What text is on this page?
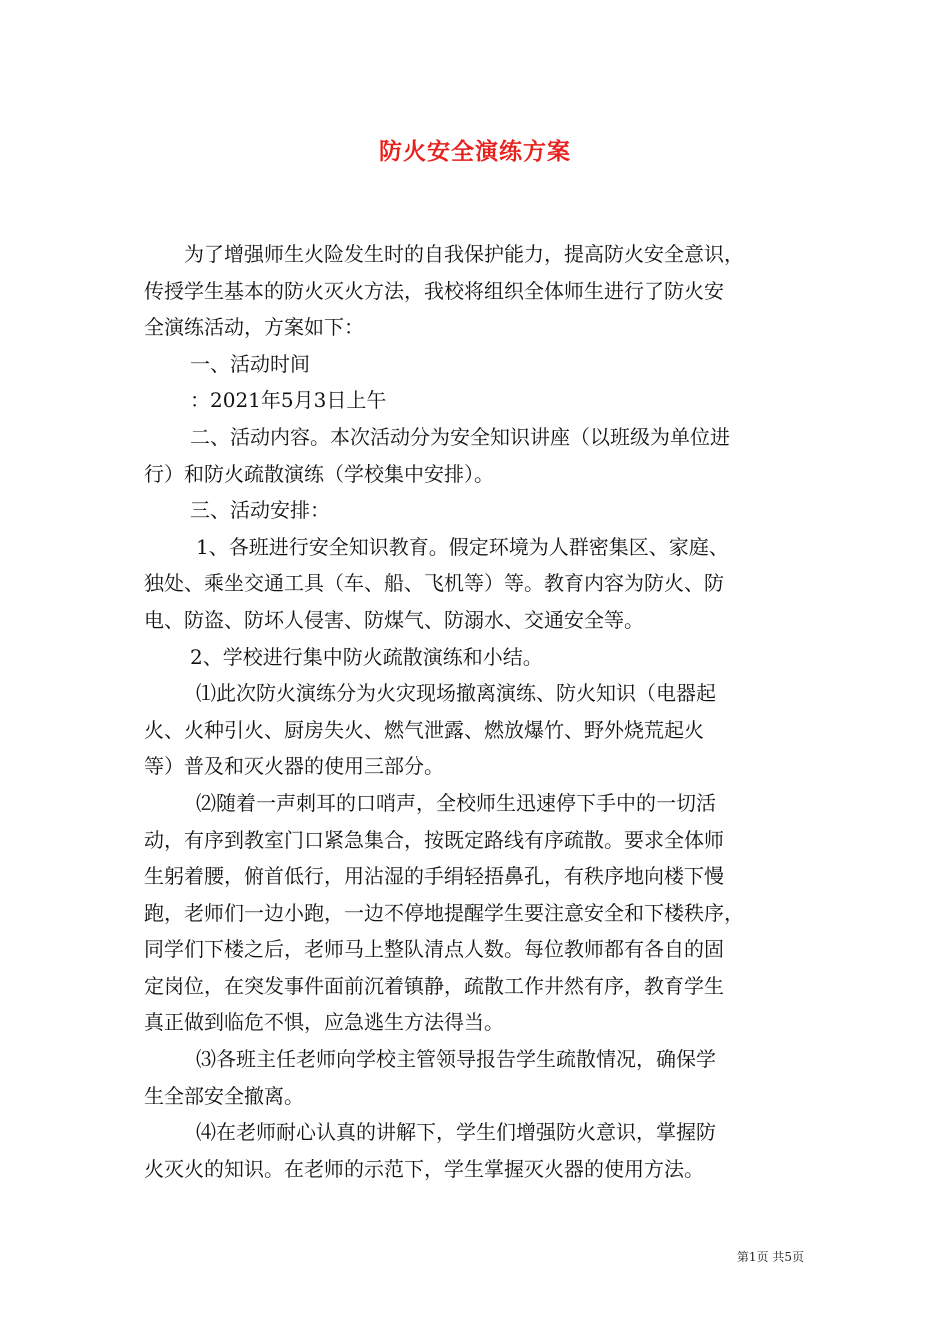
防火安全演练方案

为了增强师生火险发生时的自我保护能力，提高防火安全意识，

传授学生基本的防火灭火方法，我校将组织全体师生进行了防火安

全演练活动，方案如下：

一、活动时间

：2021年5月3日上午

二、活动内容。本次活动分为安全知识讲座（以班级为单位进

行）和防火疏散演练（学校集中安排）。

三、活动安排：

1、各班进行安全知识教育。假定环境为人群密集区、家庭、

独处、乘坐交通工具（车、船、飞机等）等。教育内容为防火、防

电、防盗、防坏人侵害、防煤气、防溺水、交通安全等。

2、学校进行集中防火疏散演练和小结。

⑴此次防火演练分为火灾现场撤离演练、防火知识（电器起

火、火种引火、厨房失火、燃气泄露、燃放爆竹、野外烧荒起火

等）普及和灭火器的使用三部分。

⑵随着一声刺耳的口哨声，全校师生迅速停下手中的一切活

动，有序到教室门口紧急集合，按既定路线有序疏散。要求全体师

生躬着腰，俯首低行，用沾湿的手绢轻捂鼻孔，有秩序地向楼下慢

跑，老师们一边小跑，一边不停地提醒学生要注意安全和下楼秩序，

同学们下楼之后，老师马上整队清点人数。每位教师都有各自的固

定岗位，在突发事件面前沉着镇静，疏散工作井然有序，教育学生

真正做到临危不惧，应急逃生方法得当。

⑶各班主任老师向学校主管领导报告学生疏散情况，确保学

生全部安全撤离。

⑷在老师耐心认真的讲解下，学生们增强防火意识，掌握防

火灭火的知识。在老师的示范下，学生掌握灭火器的使用方法。

第1页 共5页
